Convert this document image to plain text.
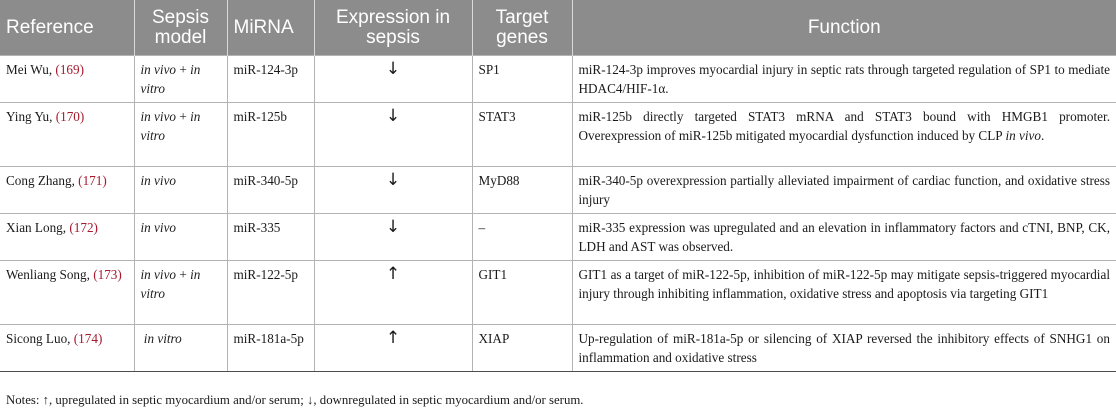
Reference	Sepsis model	MiRNA	Expression in sepsis	Target genes	Function
Mei Wu, (169)	in vivo + in vitro	miR-124-3p	↓	SP1	miR-124-3p improves myocardial injury in septic rats through targeted regulation of SP1 to mediate HDAC4/HIF-1α.
Ying Yu, (170)	in vivo + in vitro	miR-125b	↓	STAT3	miR-125b directly targeted STAT3 mRNA and STAT3 bound with HMGB1 promoter. Overexpression of miR-125b mitigated myocardial dysfunction induced by CLP in vivo.
Cong Zhang, (171)	in vivo	miR-340-5p	↓	MyD88	miR-340-5p overexpression partially alleviated impairment of cardiac function, and oxidative stress injury
Xian Long, (172)	in vivo	miR-335	↓	–	miR-335 expression was upregulated and an elevation in inflammatory factors and cTNI, BNP, CK, LDH and AST was observed.
Wenliang Song, (173)	in vivo + in vitro	miR-122-5p	↑	GIT1	GIT1 as a target of miR-122-5p, inhibition of miR-122-5p may mitigate sepsis-triggered myocardial injury through inhibiting inflammation, oxidative stress and apoptosis via targeting GIT1
Sicong Luo, (174)	in vitro	miR-181a-5p	↑	XIAP	Up-regulation of miR-181a-5p or silencing of XIAP reversed the inhibitory effects of SNHG1 on inflammation and oxidative stress
Notes: ↑, upregulated in septic myocardium and/or serum; ↓, downregulated in septic myocardium and/or serum.
